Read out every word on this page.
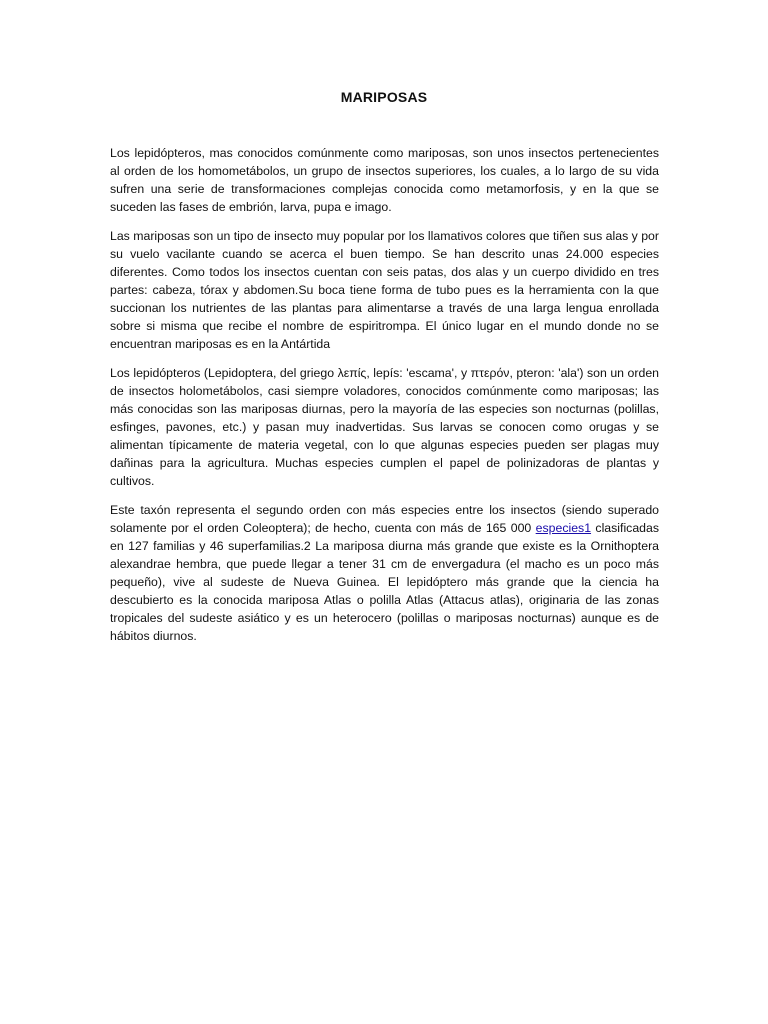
MARIPOSAS

Los lepidópteros, mas conocidos comúnmente como mariposas, son unos insectos pertenecientes al orden de los homometábolos, un grupo de insectos superiores, los cuales, a lo largo de su vida sufren una serie de transformaciones complejas conocida como metamorfosis, y en la que se suceden las fases de embrión, larva, pupa e imago.

Las mariposas son un tipo de insecto muy popular por los llamativos colores que tiñen sus alas y por su vuelo vacilante cuando se acerca el buen tiempo. Se han descrito unas 24.000 especies diferentes. Como todos los insectos cuentan con seis patas, dos alas y un cuerpo dividido en tres partes: cabeza, tórax y abdomen.Su boca tiene forma de tubo pues es la herramienta con la que succionan los nutrientes de las plantas para alimentarse a través de una larga lengua enrollada sobre si misma que recibe el nombre de espiritrompa. El único lugar en el mundo donde no se encuentran mariposas es en la Antártida

Los lepidópteros (Lepidoptera, del griego λεπίς, lepís: 'escama', y πτερόν, pteron: 'ala') son un orden de insectos holometábolos, casi siempre voladores, conocidos comúnmente como mariposas; las más conocidas son las mariposas diurnas, pero la mayoría de las especies son nocturnas (polillas, esfinges, pavones, etc.) y pasan muy inadvertidas. Sus larvas se conocen como orugas y se alimentan típicamente de materia vegetal, con lo que algunas especies pueden ser plagas muy dañinas para la agricultura. Muchas especies cumplen el papel de polinizadoras de plantas y cultivos.

Este taxón representa el segundo orden con más especies entre los insectos (siendo superado solamente por el orden Coleoptera); de hecho, cuenta con más de 165 000 especies1 clasificadas en 127 familias y 46 superfamilias.2 La mariposa diurna más grande que existe es la Ornithoptera alexandrae hembra, que puede llegar a tener 31 cm de envergadura (el macho es un poco más pequeño), vive al sudeste de Nueva Guinea. El lepidóptero más grande que la ciencia ha descubierto es la conocida mariposa Atlas o polilla Atlas (Attacus atlas), originaria de las zonas tropicales del sudeste asiático y es un heterocero (polillas o mariposas nocturnas) aunque es de hábitos diurnos.
